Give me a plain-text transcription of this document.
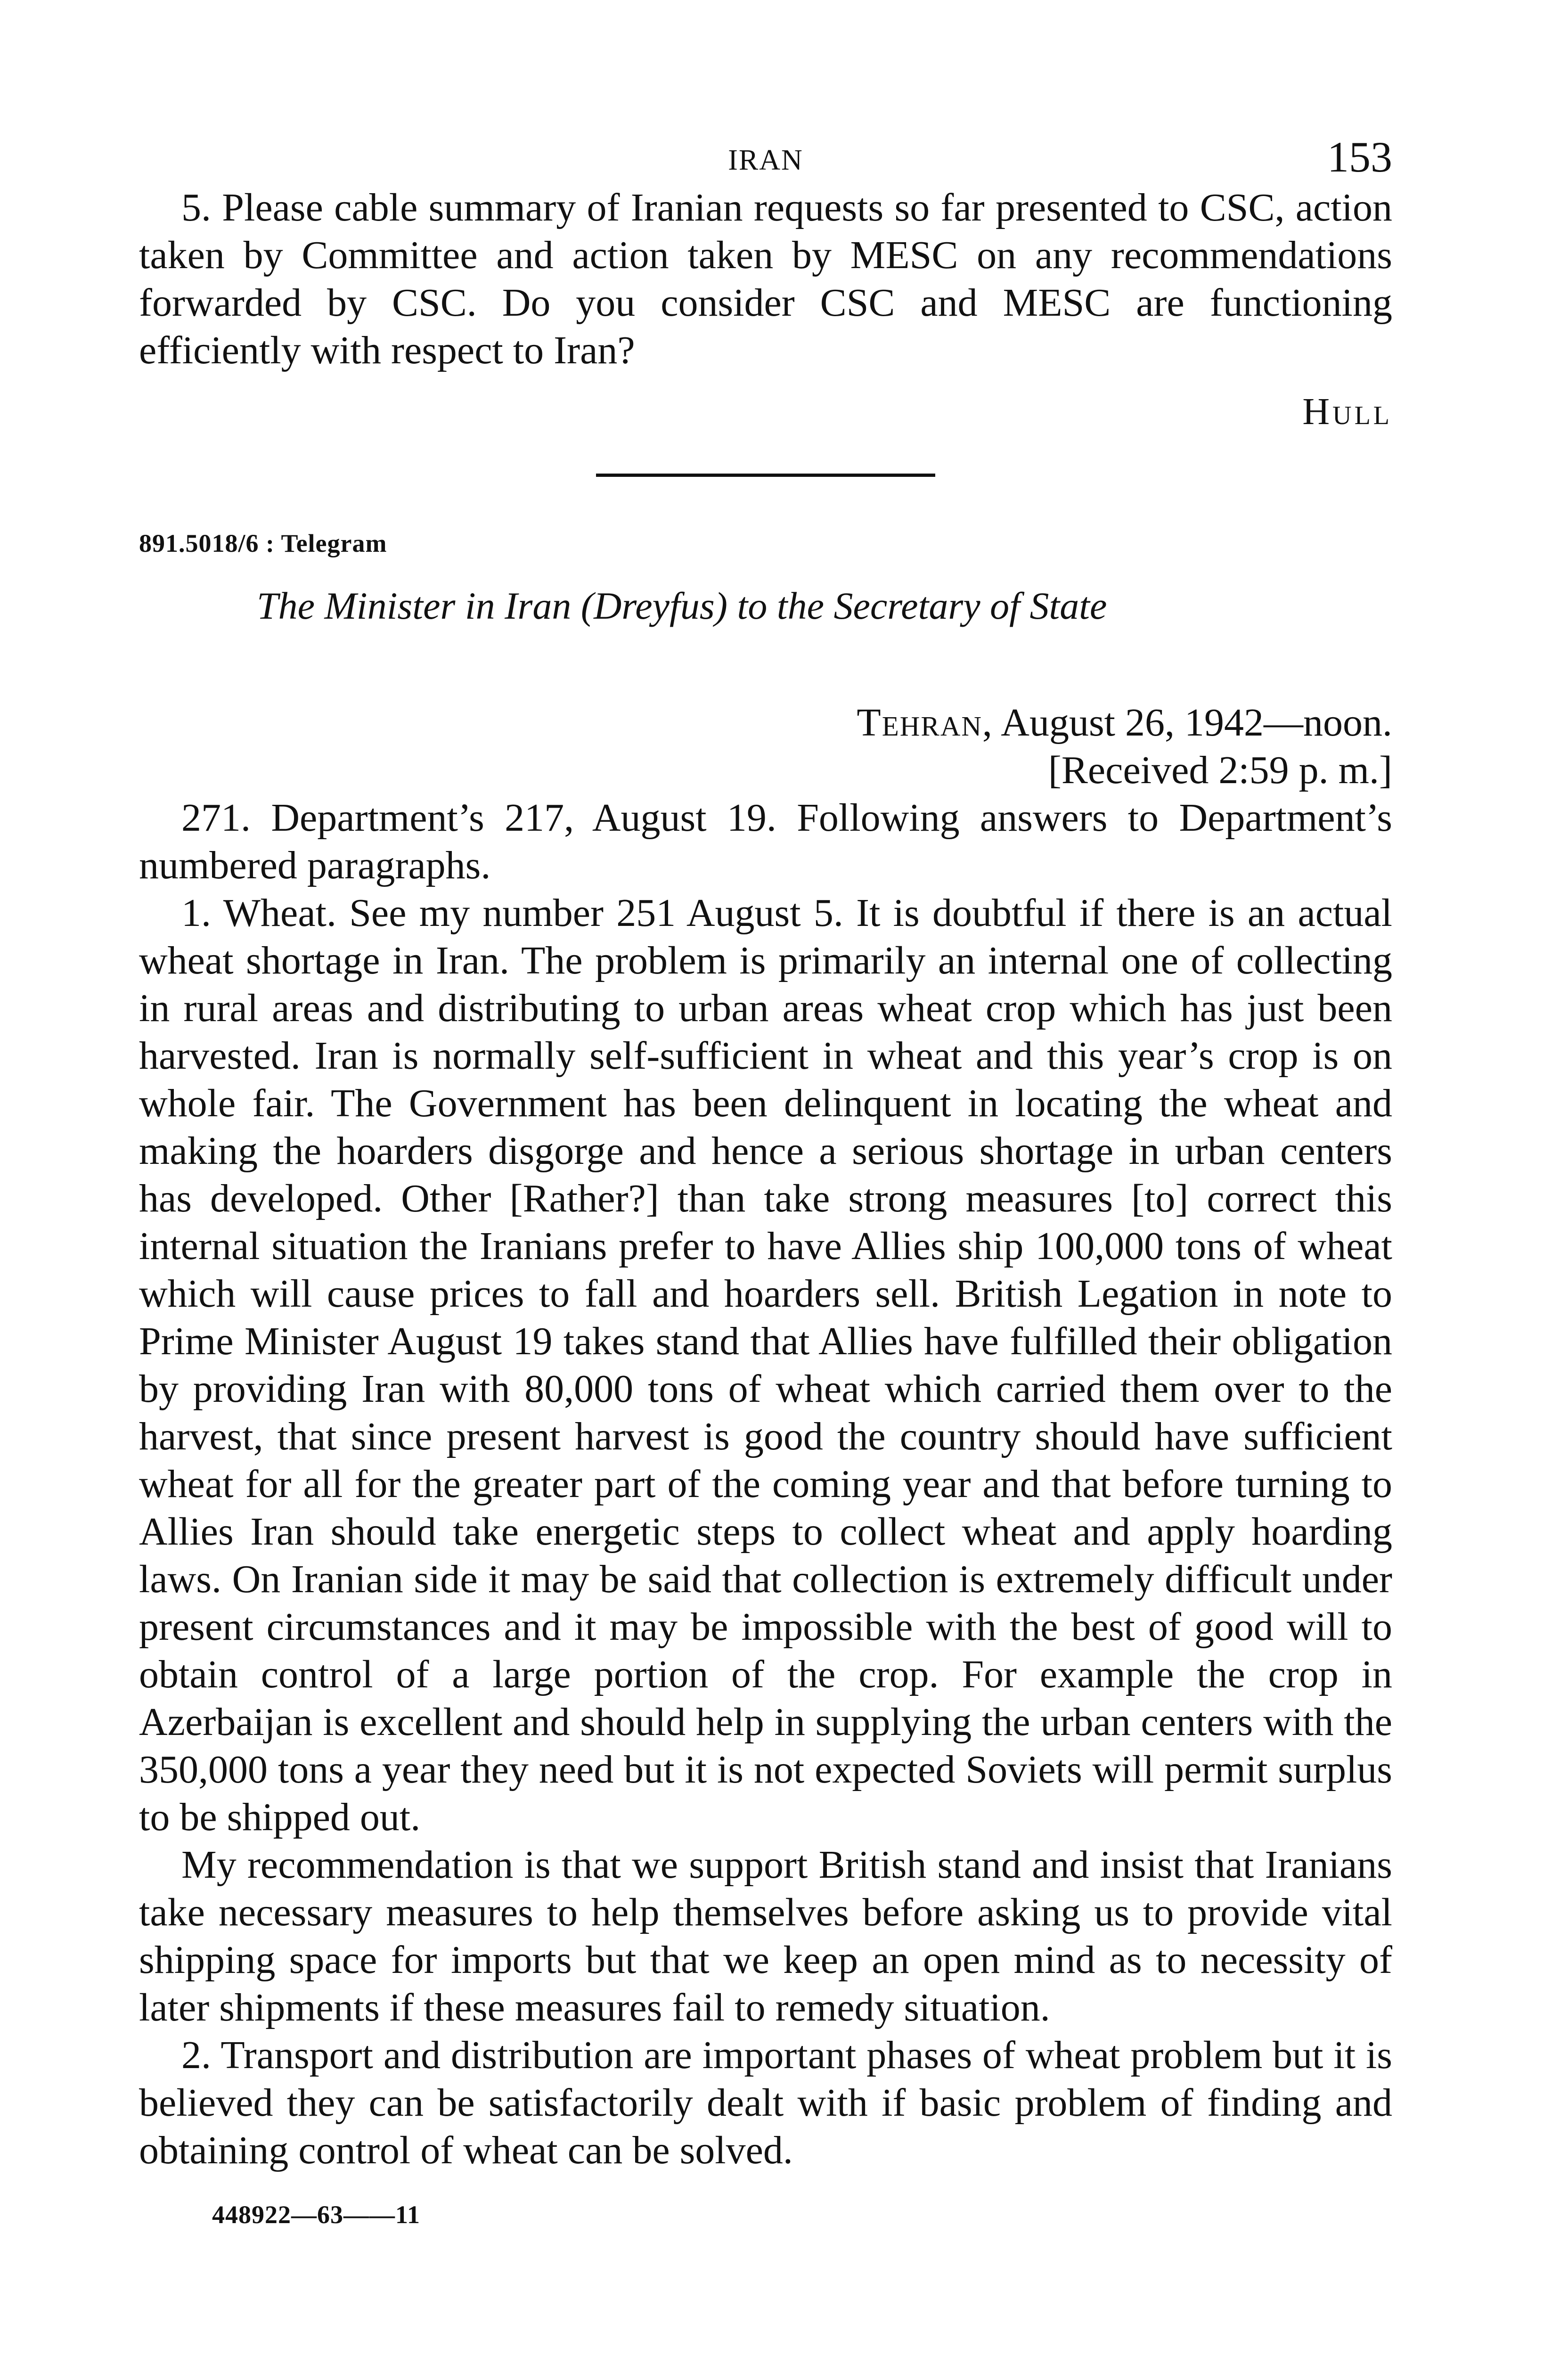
IRAN	153

5. Please cable summary of Iranian requests so far presented to CSC, action taken by Committee and action taken by MESC on any recommendations forwarded by CSC. Do you consider CSC and MESC are functioning efficiently with respect to Iran?

Hull

891.5018/6 : Telegram

The Minister in Iran (Dreyfus) to the Secretary of State

Tehran, August 26, 1942—noon.

[Received 2:59 p. m.]

271. Department’s 217, August 19. Following answers to Department’s numbered paragraphs.

1. Wheat. See my number 251 August 5. It is doubtful if there is an actual wheat shortage in Iran. The problem is primarily an internal one of collecting in rural areas and distributing to urban areas wheat crop which has just been harvested. Iran is normally self-sufficient in wheat and this year’s crop is on whole fair. The Government has been delinquent in locating the wheat and making the hoarders disgorge and hence a serious shortage in urban centers has developed. Other [Rather?] than take strong measures [to] correct this internal situation the Iranians prefer to have Allies ship 100,000 tons of wheat which will cause prices to fall and hoarders sell. British Legation in note to Prime Minister August 19 takes stand that Allies have fulfilled their obligation by providing Iran with 80,000 tons of wheat which carried them over to the harvest, that since present harvest is good the country should have sufficient wheat for all for the greater part of the coming year and that before turning to Allies Iran should take energetic steps to collect wheat and apply hoarding laws. On Iranian side it may be said that collection is extremely difficult under present circumstances and it may be impossible with the best of good will to obtain control of a large portion of the crop. For example the crop in Azerbaijan is excellent and should help in supplying the urban centers with the 350,000 tons a year they need but it is not expected Soviets will permit surplus to be shipped out.

My recommendation is that we support British stand and insist that Iranians take necessary measures to help themselves before asking us to provide vital shipping space for imports but that we keep an open mind as to necessity of later shipments if these measures fail to remedy situation.

2. Transport and distribution are important phases of wheat problem but it is believed they can be satisfactorily dealt with if basic problem of finding and obtaining control of wheat can be solved.

448922—63——11
